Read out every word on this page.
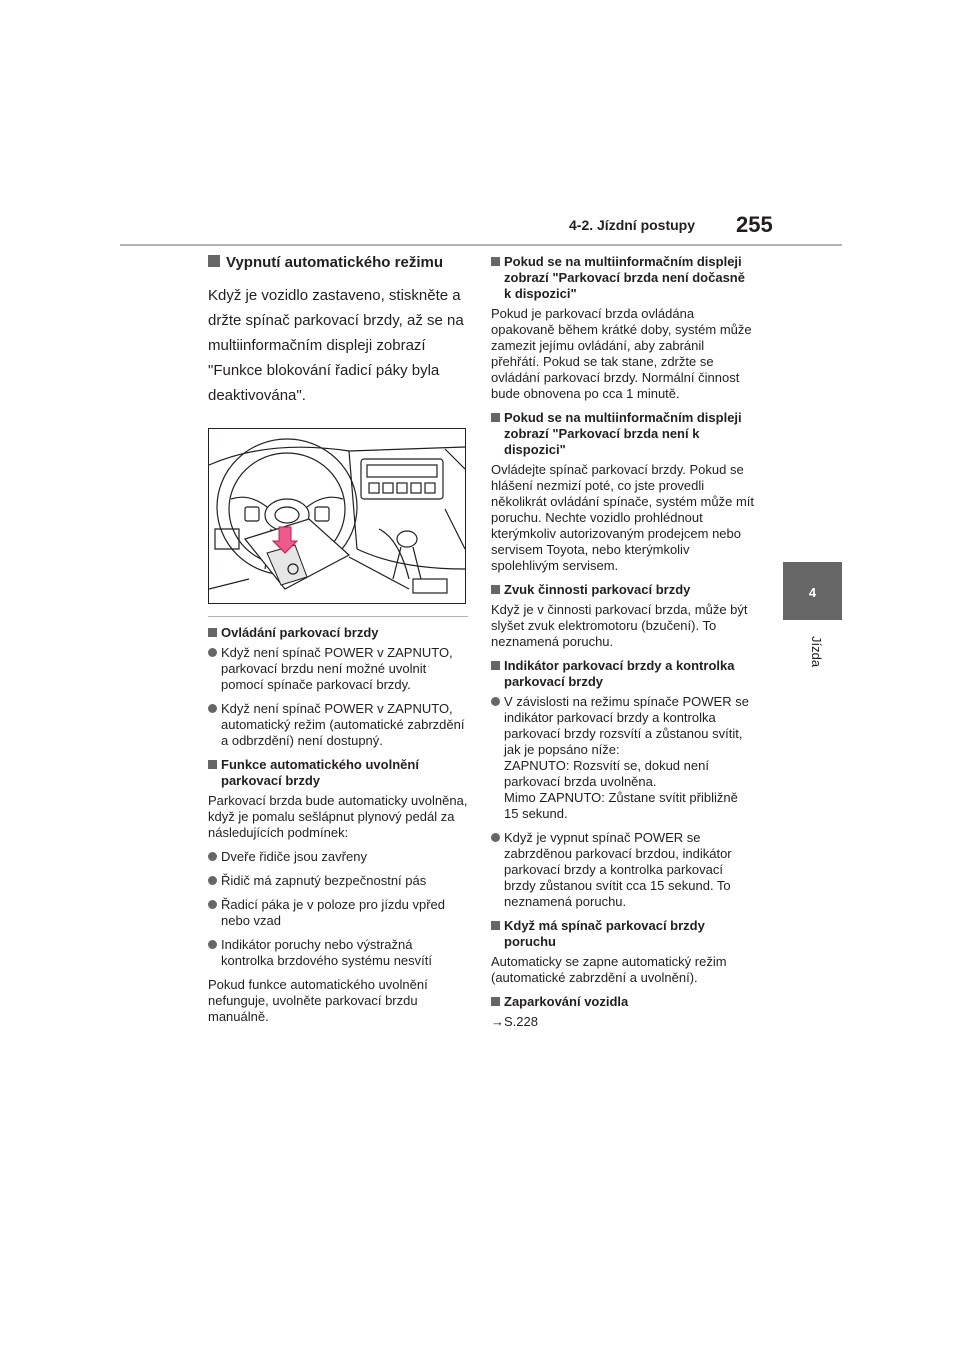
4-2. Jízdní postupy 255
4
Jízda
Vypnutí automatického režimu
Když je vozidlo zastaveno, stiskněte a držte spínač parkovací brzdy, až se na multiinformačním displeji zobrazí "Funkce blokování řadicí páky byla deaktivována".
Ovládání parkovací brzdy
Když není spínač POWER v ZAPNUTO, parkovací brzdu není možné uvolnit pomocí spínače parkovací brzdy.
Když není spínač POWER v ZAPNUTO, automatický režim (automatické zabrzdění a odbrzdění) není dostupný.
Funkce automatického uvolnění parkovací brzdy
Parkovací brzda bude automaticky uvolněna, když je pomalu sešlápnut plynový pedál za následujících podmínek:
Dveře řidiče jsou zavřeny
Řidič má zapnutý bezpečnostní pás
Řadicí páka je v poloze pro jízdu vpřed nebo vzad
Indikátor poruchy nebo výstražná kontrolka brzdového systému nesvítí
Pokud funkce automatického uvolnění nefunguje, uvolněte parkovací brzdu manuálně.
Pokud se na multiinformačním displeji zobrazí "Parkovací brzda není dočasně k dispozici"
Pokud je parkovací brzda ovládána opakovaně během krátké doby, systém může zamezit jejímu ovládání, aby zabránil přehřátí. Pokud se tak stane, zdržte se ovládání parkovací brzdy. Normální činnost bude obnovena po cca 1 minutě.
Pokud se na multiinformačním displeji zobrazí "Parkovací brzda není k dispozici"
Ovládejte spínač parkovací brzdy. Pokud se hlášení nezmizí poté, co jste provedli několikrát ovládání spínače, systém může mít poruchu. Nechte vozidlo prohlédnout kterýmkoliv autorizovaným prodejcem nebo servisem Toyota, nebo kterýmkoliv spolehlivým servisem.
Zvuk činnosti parkovací brzdy
Když je v činnosti parkovací brzda, může být slyšet zvuk elektromotoru (bzučení). To neznamená poruchu.
Indikátor parkovací brzdy a kontrolka parkovací brzdy
V závislosti na režimu spínače POWER se indikátor parkovací brzdy a kontrolka parkovací brzdy rozsvítí a zůstanou svítit, jak je popsáno níže:
ZAPNUTO: Rozsvítí se, dokud není parkovací brzda uvolněna.
Mimo ZAPNUTO: Zůstane svítit přibližně 15 sekund.
Když je vypnut spínač POWER se zabrzděnou parkovací brzdou, indikátor parkovací brzdy a kontrolka parkovací brzdy zůstanou svítit cca 15 sekund. To neznamená poruchu.
Když má spínač parkovací brzdy poruchu
Automaticky se zapne automatický režim (automatické zabrzdění a uvolnění).
Zaparkování vozidla
→S.228
